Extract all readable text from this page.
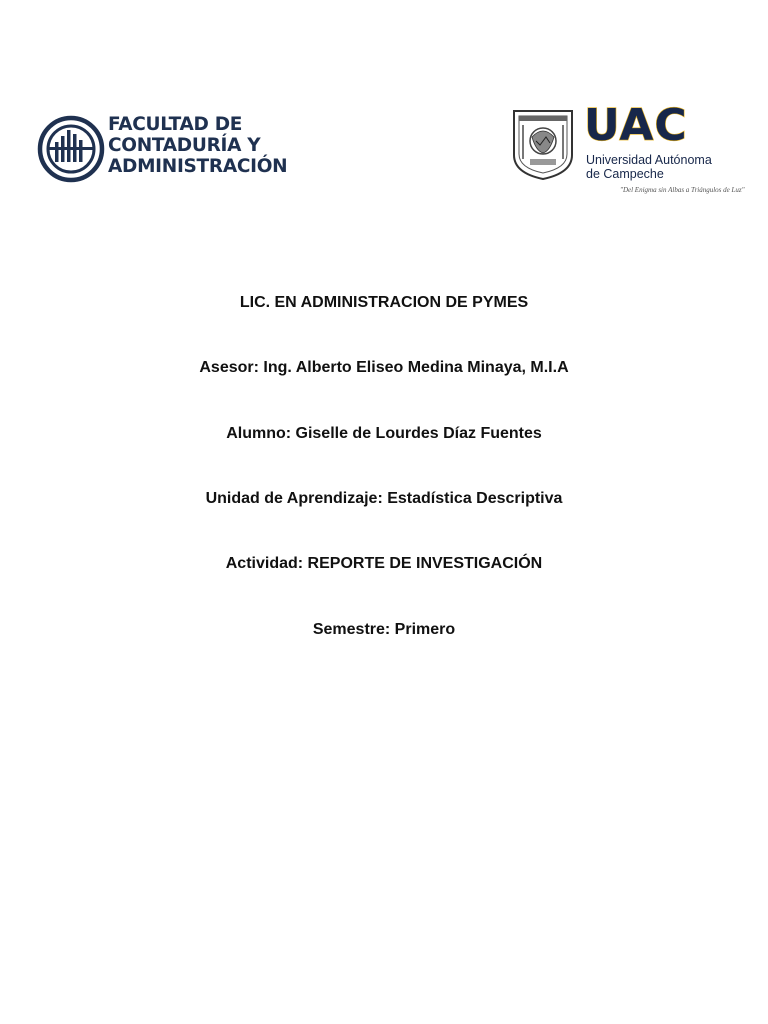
FACULTAD DE
CONTADURÍA Y
ADMINISTRACIÓN
UAC
Universidad Autónoma
de Campeche
"Del Enigma sin Albas a Triángulos de Luz"
LIC. EN ADMINISTRACION DE PYMES
Asesor: Ing. Alberto Eliseo Medina Minaya, M.I.A
Alumno: Giselle de Lourdes Díaz Fuentes
Unidad de Aprendizaje: Estadística Descriptiva
Actividad: REPORTE DE INVESTIGACIÓN
Semestre: Primero
